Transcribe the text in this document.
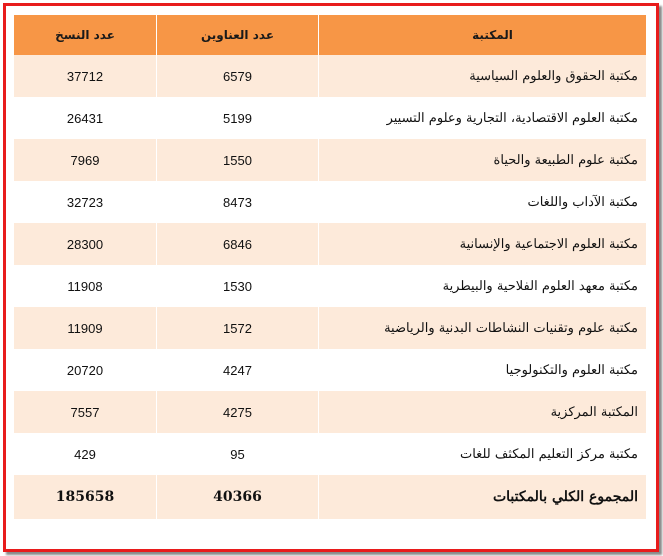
المكتبة	عدد العناوين	عدد النسخ
مكتبة الحقوق والعلوم السياسية	6579	37712
مكتبة العلوم الاقتصادية، التجارية وعلوم التسيير	5199	26431
مكتبة علوم الطبيعة والحياة	1550	7969
مكتبة الآداب واللغات	8473	32723
مكتبة العلوم الاجتماعية والإنسانية	6846	28300
مكتبة معهد العلوم الفلاحية والبيطرية	1530	11908
مكتبة علوم وتقنيات النشاطات البدنية والرياضية	1572	11909
مكتبة العلوم والتكنولوجيا	4247	20720
المكتبة المركزية	4275	7557
مكتبة مركز التعليم المكثف للغات	95	429
المجموع الكلي بالمكتبات	40366	185658
